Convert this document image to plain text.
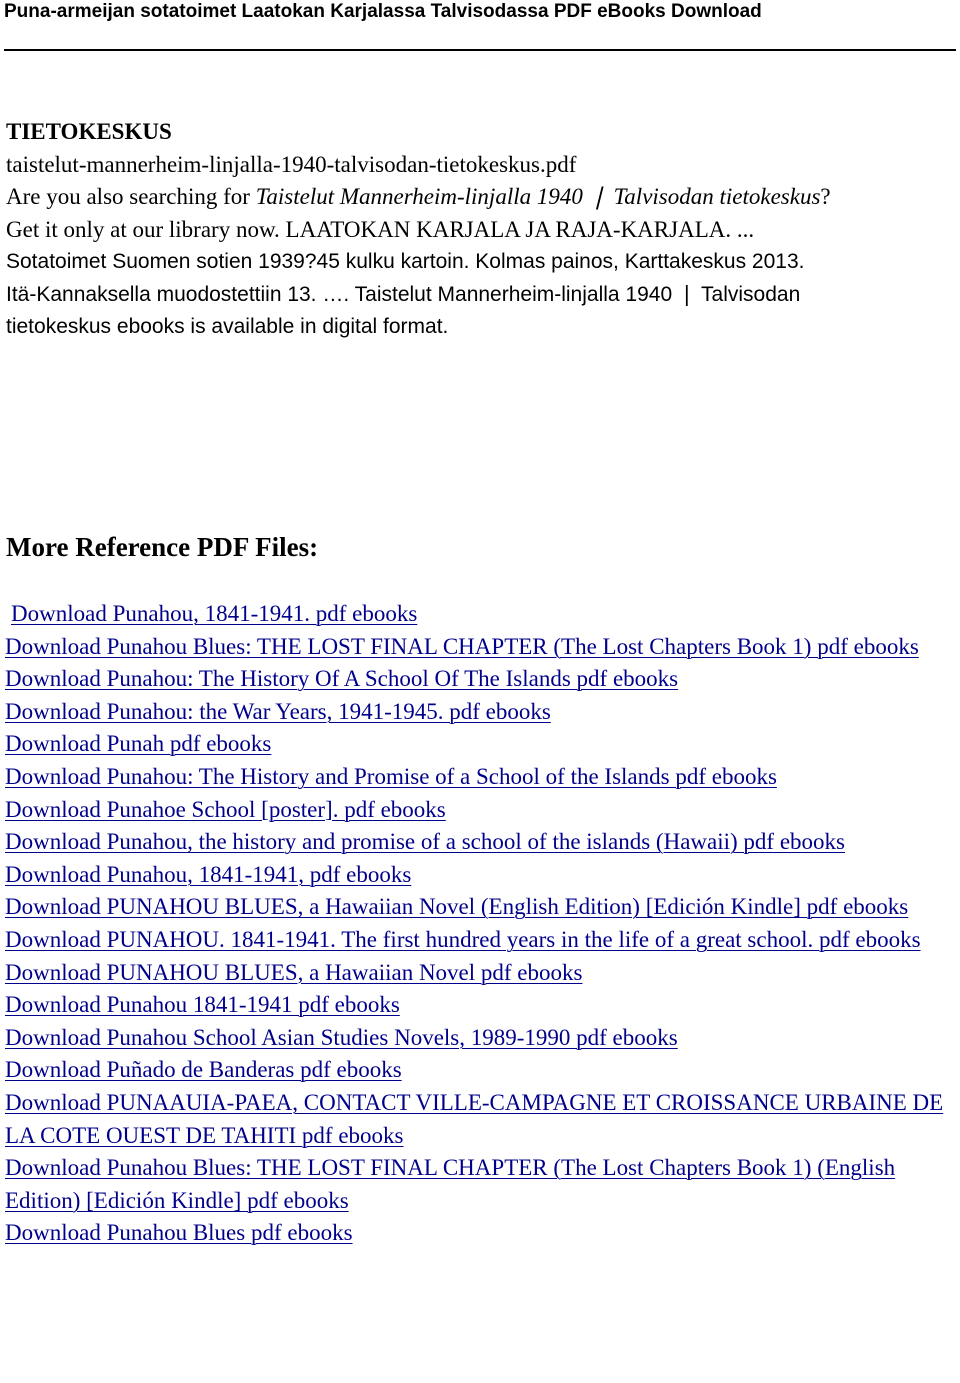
Puna-armeijan sotatoimet Laatokan Karjalassa Talvisodassa PDF eBooks Download
TIETOKESKUS
taistelut-mannerheim-linjalla-1940-talvisodan-tietokeskus.pdf
Are you also searching for Taistelut Mannerheim-linjalla 1940 ❘ Talvisodan tietokeskus?
Get it only at our library now. LAATOKAN KARJALA JA RAJA-KARJALA. ...
Sotatoimet Suomen sotien 1939?45 kulku kartoin. Kolmas painos, Karttakeskus 2013.
Itä-Kannaksella muodostettiin 13. …. Taistelut Mannerheim-linjalla 1940 ❘ Talvisodan
tietokeskus ebooks is available in digital format.
More Reference PDF Files:
Download Punahou, 1841-1941. pdf ebooks
Download Punahou Blues: THE LOST FINAL CHAPTER (The Lost Chapters Book 1) pdf ebooks
Download Punahou: The History Of A School Of The Islands pdf ebooks
Download Punahou: the War Years, 1941-1945. pdf ebooks
Download Punah pdf ebooks
Download Punahou: The History and Promise of a School of the Islands pdf ebooks
Download Punahoe School [poster]. pdf ebooks
Download Punahou, the history and promise of a school of the islands (Hawaii) pdf ebooks
Download Punahou, 1841-1941, pdf ebooks
Download PUNAHOU BLUES, a Hawaiian Novel (English Edition) [Edición Kindle] pdf ebooks
Download PUNAHOU. 1841-1941. The first hundred years in the life of a great school. pdf ebooks
Download PUNAHOU BLUES, a Hawaiian Novel pdf ebooks
Download Punahou 1841-1941 pdf ebooks
Download Punahou School Asian Studies Novels, 1989-1990 pdf ebooks
Download Puñado de Banderas pdf ebooks
Download PUNAAUIA-PAEA, CONTACT VILLE-CAMPAGNE ET CROISSANCE URBAINE DE LA COTE OUEST DE TAHITI pdf ebooks
Download Punahou Blues: THE LOST FINAL CHAPTER (The Lost Chapters Book 1) (English Edition) [Edición Kindle] pdf ebooks
Download Punahou Blues pdf ebooks
